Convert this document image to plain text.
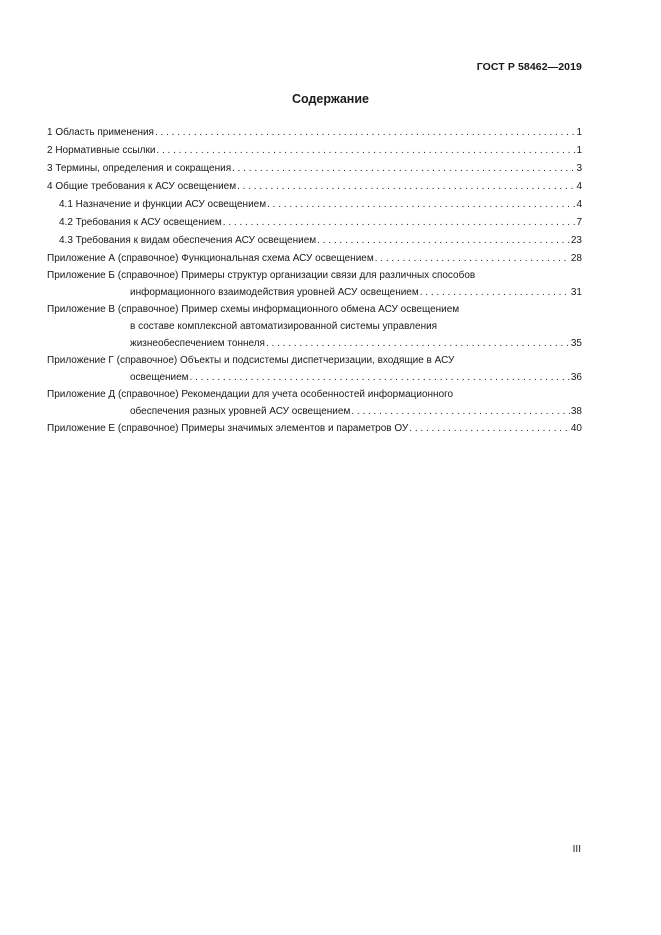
ГОСТ Р 58462—2019
Содержание
1 Область применения . . .	1
2 Нормативные ссылки . . .	1
3 Термины, определения и сокращения . . .	3
4 Общие требования к АСУ освещением . . .	4
4.1 Назначение и функции АСУ освещением . . .	4
4.2 Требования к АСУ освещением . . .	7
4.3 Требования к видам обеспечения АСУ освещением . . .	23
Приложение А (справочное) Функциональная схема АСУ освещением . . .	28
Приложение Б (справочное) Примеры структур организации связи для различных способов
информационного взаимодействия уровней АСУ освещением . . .	31
Приложение В (справочное) Пример схемы информационного обмена АСУ освещением
в составе комплексной автоматизированной системы управления
жизнеобеспечением тоннеля . . .	35
Приложение Г (справочное) Объекты и подсистемы диспетчеризации, входящие в АСУ
освещением . . .	36
Приложение Д (справочное) Рекомендации для учета особенностей информационного
обеспечения разных уровней АСУ освещением . . .	38
Приложение Е (справочное) Примеры значимых элементов и параметров ОУ . . .	40
III
